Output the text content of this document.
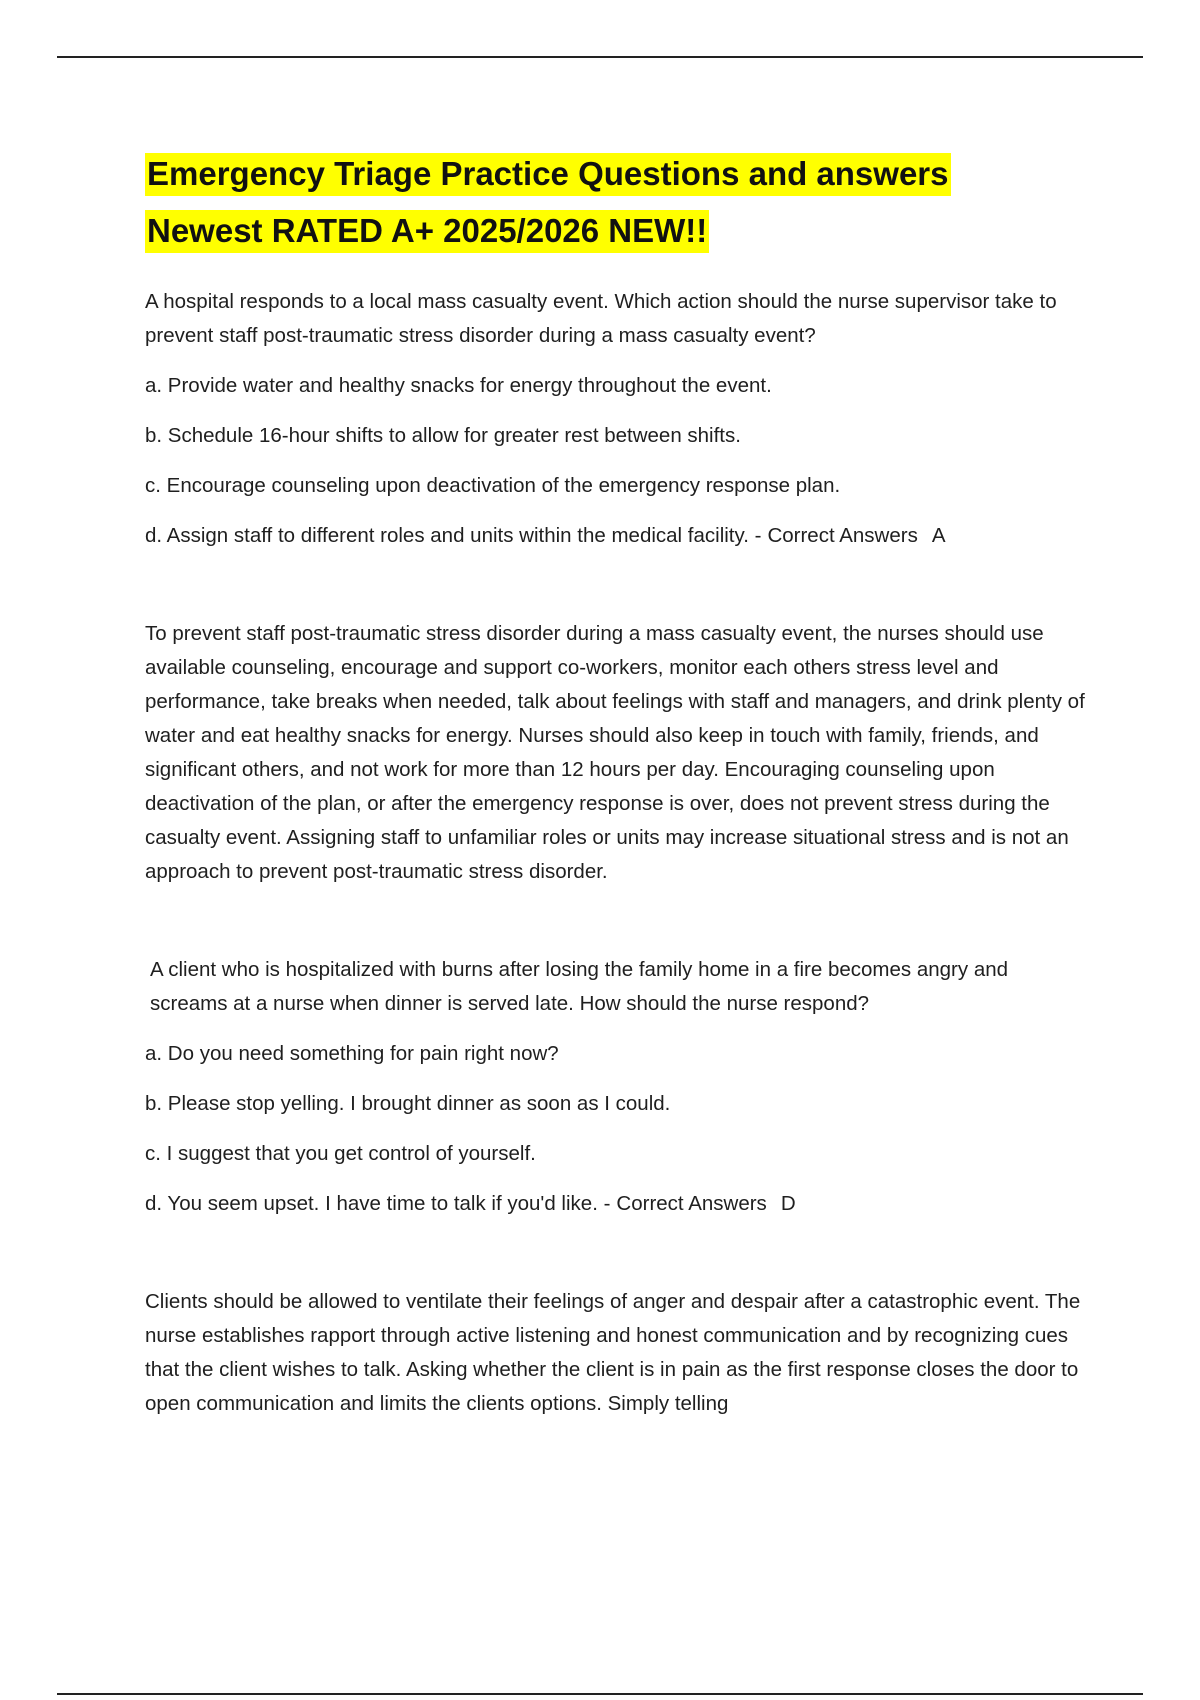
Emergency Triage Practice Questions and answers
Newest RATED A+ 2025/2026 NEW!!

A hospital responds to a local mass casualty event. Which action should the nurse supervisor take to prevent staff post-traumatic stress disorder during a mass casualty event?

a. Provide water and healthy snacks for energy throughout the event.

b. Schedule 16-hour shifts to allow for greater rest between shifts.

c. Encourage counseling upon deactivation of the emergency response plan.

d. Assign staff to different roles and units within the medical facility. - Correct Answers A

To prevent staff post-traumatic stress disorder during a mass casualty event, the nurses should use available counseling, encourage and support co-workers, monitor each others stress level and performance, take breaks when needed, talk about feelings with staff and managers, and drink plenty of water and eat healthy snacks for energy. Nurses should also keep in touch with family, friends, and significant others, and not work for more than 12 hours per day. Encouraging counseling upon deactivation of the plan, or after the emergency response is over, does not prevent stress during the casualty event. Assigning staff to unfamiliar roles or units may increase situational stress and is not an approach to prevent post-traumatic stress disorder.

A client who is hospitalized with burns after losing the family home in a fire becomes angry and screams at a nurse when dinner is served late. How should the nurse respond?

a. Do you need something for pain right now?

b. Please stop yelling. I brought dinner as soon as I could.

c. I suggest that you get control of yourself.

d. You seem upset. I have time to talk if you'd like. - Correct Answers D

Clients should be allowed to ventilate their feelings of anger and despair after a catastrophic event. The nurse establishes rapport through active listening and honest communication and by recognizing cues that the client wishes to talk. Asking whether the client is in pain as the first response closes the door to open communication and limits the clients options. Simply telling
